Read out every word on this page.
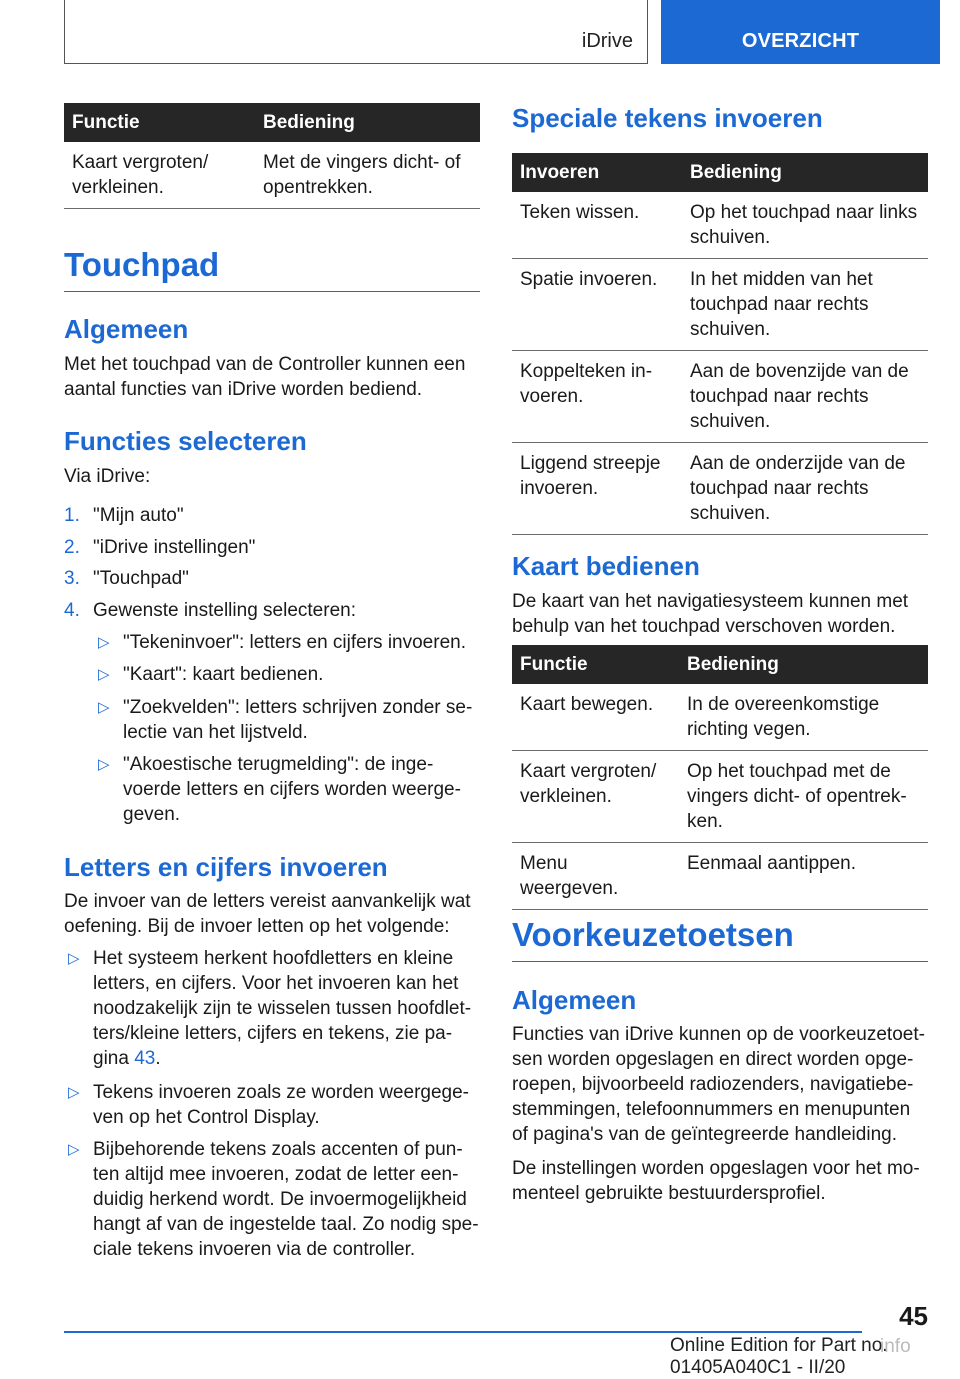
iDrive	OVERZICHT
Functie	Bediening
Kaart vergroten/
verkleinen.	Met de vingers dicht- of
opentrekken.
Touchpad
Algemeen
Met het touchpad van de Controller kunnen een aantal functies van iDrive worden bediend.
Functies selecteren
Via iDrive:
1. "Mijn auto"
2. "iDrive instellingen"
3. "Touchpad"
4. Gewenste instelling selecteren:
▷ "Tekeninvoer": letters en cijfers invoeren.
▷ "Kaart": kaart bedienen.
▷ "Zoekvelden": letters schrijven zonder se-
lectie van het lijstveld.
▷ "Akoestische terugmelding": de inge-
voerde letters en cijfers worden weerge-
geven.
Letters en cijfers invoeren
De invoer van de letters vereist aanvankelijk wat oefening. Bij de invoer letten op het volgende:
▷ Het systeem herkent hoofdletters en kleine
letters, en cijfers. Voor het invoeren kan het
noodzakelijk zijn te wisselen tussen hoofdlet-
ters/kleine letters, cijfers en tekens, zie pa-
gina 43.
▷ Tekens invoeren zoals ze worden weergege-
ven op het Control Display.
▷ Bijbehorende tekens zoals accenten of pun-
ten altijd mee invoeren, zodat de letter een-
duidig herkend wordt. De invoermogelijkheid
hangt af van de ingestelde taal. Zo nodig spe-
ciale tekens invoeren via de controller.
Speciale tekens invoeren
Invoeren	Bediening
Teken wissen.	Op het touchpad naar links
schuiven.
Spatie invoeren.	In het midden van het
touchpad naar rechts
schuiven.
Koppelteken in-
voeren.	Aan de bovenzijde van de
touchpad naar rechts
schuiven.
Liggend streepje
invoeren.	Aan de onderzijde van de
touchpad naar rechts
schuiven.
Kaart bedienen
De kaart van het navigatiesysteem kunnen met behulp van het touchpad verschoven worden.
Functie	Bediening
Kaart bewegen.	In de overeenkomstige
richting vegen.
Kaart vergroten/
verkleinen.	Op het touchpad met de
vingers dicht- of opentrek-
ken.
Menu weergeven.	Eenmaal aantippen.
Voorkeuzetoetsen
Algemeen
Functies van iDrive kunnen op de voorkeuzetoet-
sen worden opgeslagen en direct worden opge-
roepen, bijvoorbeeld radiozenders, navigatiebe-
stemmingen, telefoonnummers en menupunten
of pagina's van de geïntegreerde handleiding.
De instellingen worden opgeslagen voor het mo-
menteel gebruikte bestuurdersprofiel.
45
Online Edition for Part no. 01405A040C1 - II/20
info
